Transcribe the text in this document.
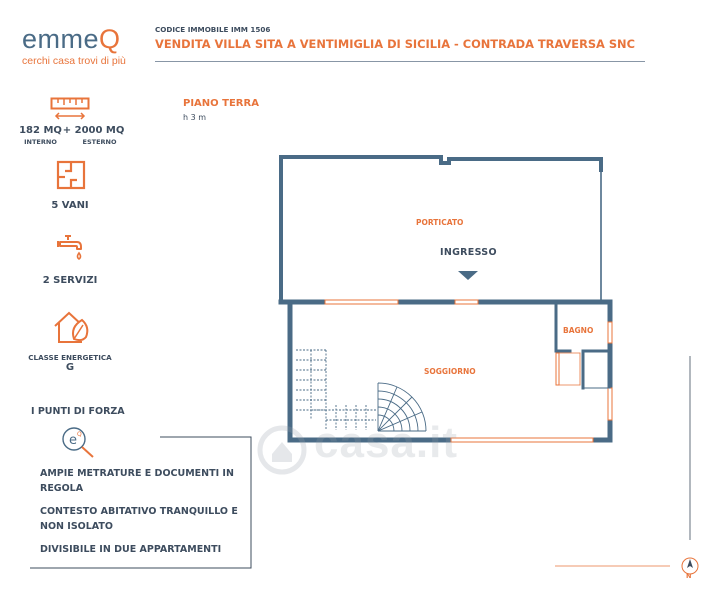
emmeQ
cerchi casa trovi di più
CODICE IMMOBILE IMM 1506
VENDITA VILLA SITA A VENTIMIGLIA DI SICILIA - CONTRADA TRAVERSA SNC
182 MQ + 2000 MQ
INTERNO	ESTERNO
5 VANI
2 SERVIZI
CLASSE ENERGETICA
G
I PUNTI DI FORZA
e Q
AMPIE METRATURE E DOCUMENTI IN REGOLA
CONTESTO ABITATIVO TRANQUILLO E NON ISOLATO
DIVISIBILE IN DUE APPARTAMENTI
PIANO TERRA
h 3 m
PORTICATO
INGRESSO
BAGNO
SOGGIORNO
N
casa.it
